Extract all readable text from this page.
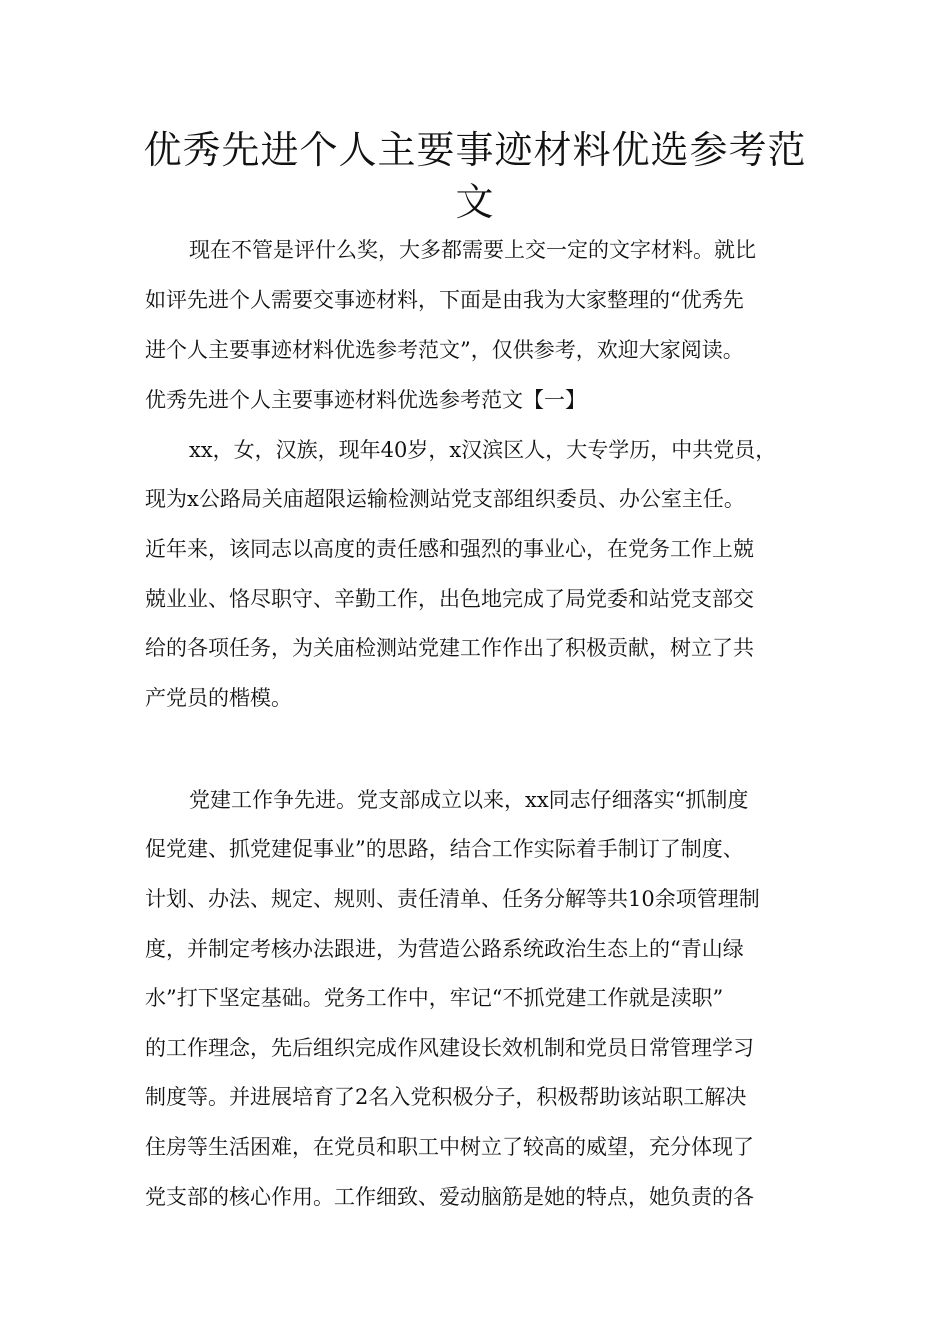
优秀先进个人主要事迹材料优选参考范
文

现在不管是评什么奖，大多都需要上交一定的文字材料。就比

如评先进个人需要交事迹材料，下面是由我为大家整理的“优秀先

进个人主要事迹材料优选参考范文”，仅供参考，欢迎大家阅读。

优秀先进个人主要事迹材料优选参考范文【一】

xx，女，汉族，现年40岁，x汉滨区人，大专学历，中共党员，

现为x公路局关庙超限运输检测站党支部组织委员、办公室主任。

近年来，该同志以高度的责任感和强烈的事业心，在党务工作上兢

兢业业、恪尽职守、辛勤工作，出色地完成了局党委和站党支部交

给的各项任务，为关庙检测站党建工作作出了积极贡献，树立了共

产党员的楷模。

党建工作争先进。党支部成立以来，xx同志仔细落实“抓制度

促党建、抓党建促事业”的思路，结合工作实际着手制订了制度、

计划、办法、规定、规则、责任清单、任务分解等共10余项管理制

度，并制定考核办法跟进，为营造公路系统政治生态上的“青山绿

水”打下坚定基础。党务工作中，牢记“不抓党建工作就是渎职”

的工作理念，先后组织完成作风建设长效机制和党员日常管理学习

制度等。并进展培育了2名入党积极分子，积极帮助该站职工解决

住房等生活困难，在党员和职工中树立了较高的威望，充分体现了

党支部的核心作用。工作细致、爱动脑筋是她的特点，她负责的各
